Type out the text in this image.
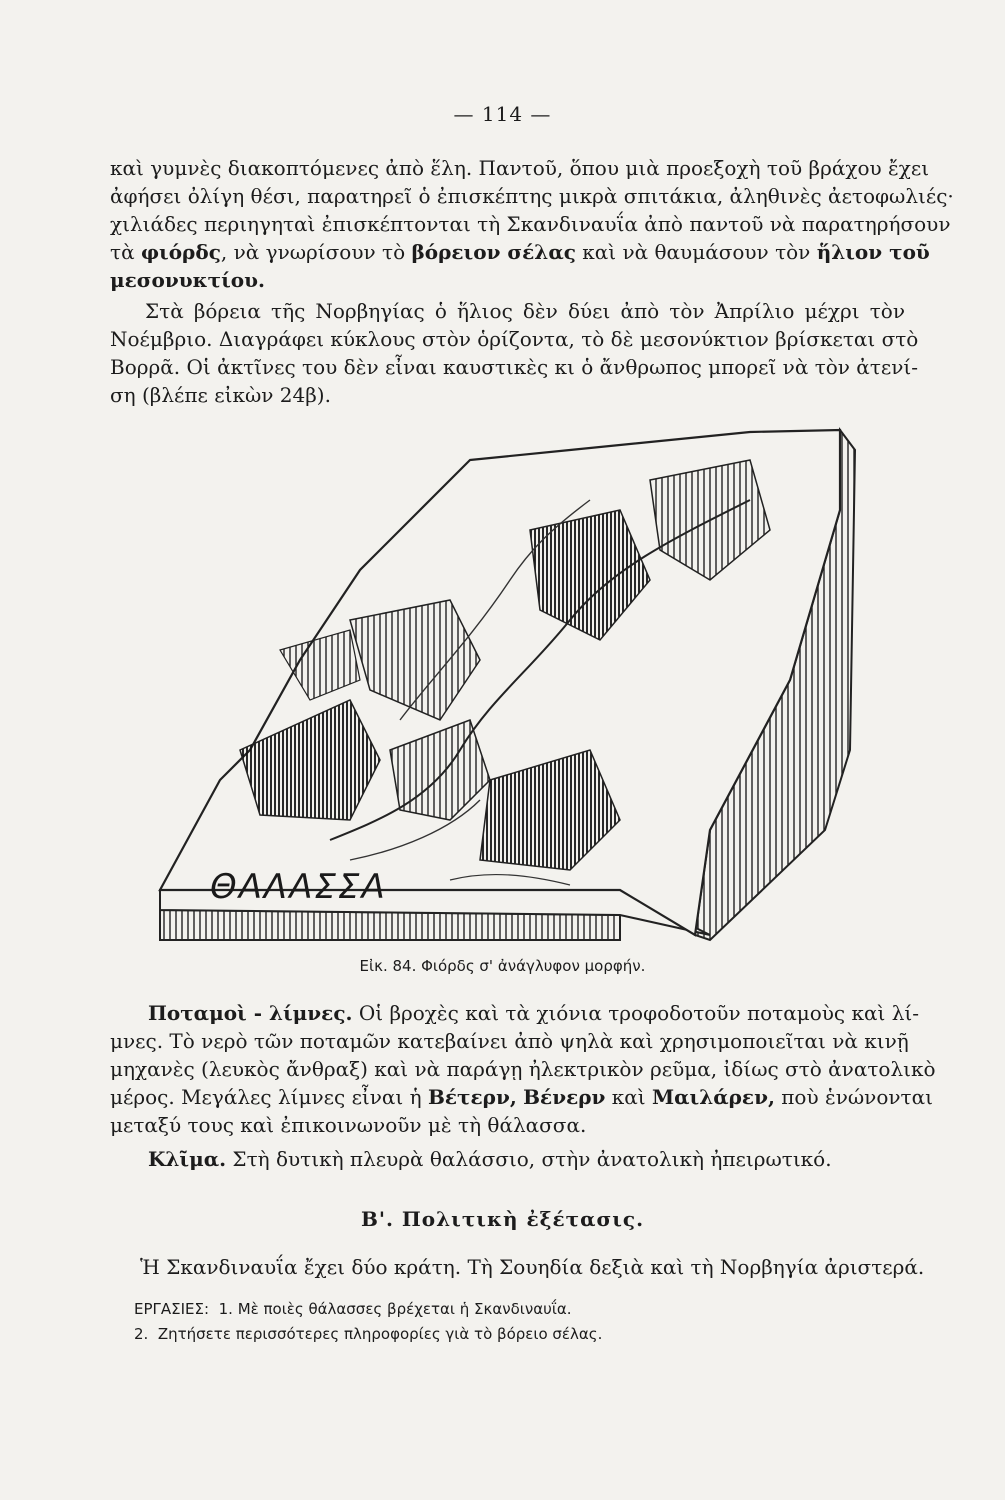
— 114 —
καὶ γυμνὲς διακοπτόμενες ἀπὸ ἕλη. Παντοῦ, ὅπου μιὰ προεξοχὴ τοῦ βράχου ἔχει
ἀφήσει ὀλίγη θέσι, παρατηρεῖ ὁ ἐπισκέπτης μικρὰ σπιτάκια, ἀληθινὲς ἀετοφωλιές·
χιλιάδες περιηγηταὶ ἐπισκέπτονται τὴ Σκανδιναυΐα ἀπὸ παντοῦ νὰ παρατηρήσουν
τὰ φιόρδς, νὰ γνωρίσουν τὸ βόρειον σέλας καὶ νὰ θαυμάσουν τὸν ἥλιον τοῦ
μεσονυκτίου.
Στὰ βόρεια τῆς Νορβηγίας ὁ ἥλιος δὲν δύει ἀπὸ τὸν Ἀπρίλιο μέχρι τὸν
Νοέμβριο. Διαγράφει κύκλους στὸν ὁρίζοντα, τὸ δὲ μεσονύκτιον βρίσκεται στὸ
Βορρᾶ. Οἱ ἀκτῖνες του δὲν εἶναι καυστικὲς κι ὁ ἄνθρωπος μπορεῖ νὰ τὸν ἀτενί-
ση (βλέπε εἰκὼν 24β).
ΘΑΛΑΣΣΑ
Εἰκ. 84. Φιόρδς σ' ἀνάγλυφον μορφήν.
Ποταμοὶ - λίμνες. Οἱ βροχὲς καὶ τὰ χιόνια τροφοδοτοῦν ποταμοὺς καὶ λί-
μνες. Τὸ νερὸ τῶν ποταμῶν κατεβαίνει ἀπὸ ψηλὰ καὶ χρησιμοποιεῖται νὰ κινῇ
μηχανὲς (λευκὸς ἄνθραξ) καὶ νὰ παράγῃ ἠλεκτρικὸν ρεῦμα, ἰδίως στὸ ἀνατολικὸ
μέρος. Μεγάλες λίμνες εἶναι ἡ Βέτερν, Βένερν καὶ Μαιλάρεν, ποὺ ἑνώνονται
μεταξύ τους καὶ ἐπικοινωνοῦν μὲ τὴ θάλασσα.
Κλῖμα. Στὴ δυτικὴ πλευρὰ θαλάσσιο, στὴν ἀνατολικὴ ἠπειρωτικό.
Β'. Πολιτικὴ ἐξέτασις.
Ἡ Σκανδιναυΐα ἔχει δύο κράτη. Τὴ Σουηδία δεξιὰ καὶ τὴ Νορβηγία ἀριστερά.
ΕΡΓΑΣΙΕΣ: 1. Μὲ ποιὲς θάλασσες βρέχεται ἡ Σκανδιναυΐα.
2. Ζητήσετε περισσότερες πληροφορίες γιὰ τὸ βόρειο σέλας.
